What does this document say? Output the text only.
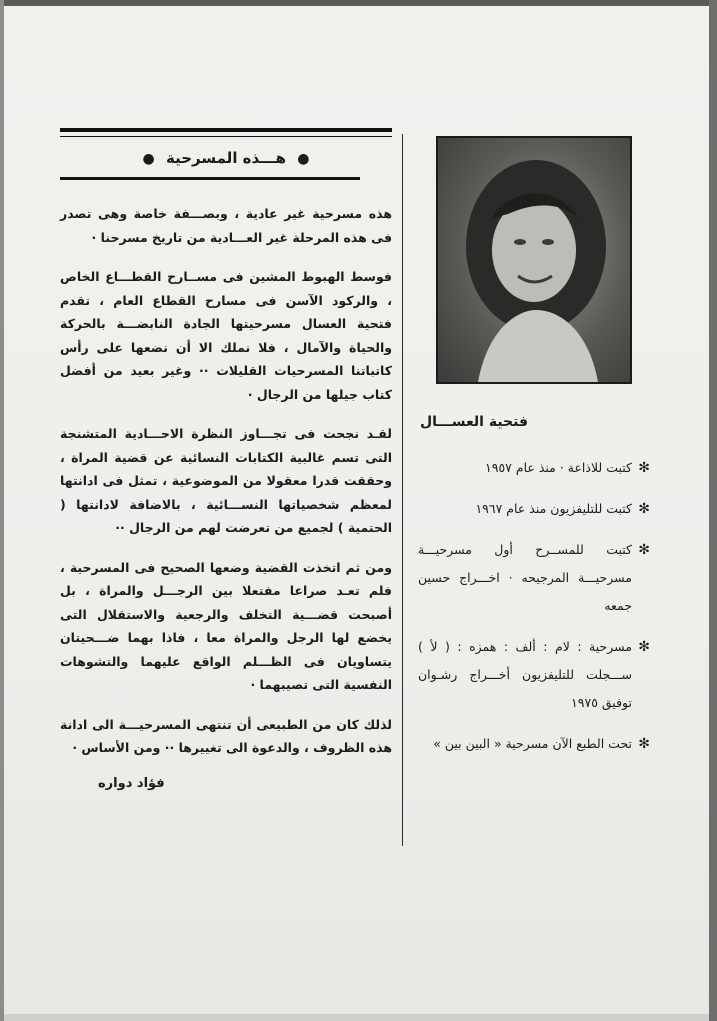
● هـــذه المسرحية ●

هذه مسرحية غير عادية ، وبصـــفة خاصة وهى تصدر فى هذه المرحلة غير العـــادية من تاريخ مسرحنا ·

فوسط الهبوط المشين فى مســارح القطـــاع الخاص ، والركود الآسن فى مسارح القطاع العام ، تقدم فتحية العسال مسرحيتها الجادة النابضـــة بالحركة والحياة والآمال ، فلا نملك الا أن نضعها على رأس كاتباتنا المسرحيات القليلات ·· وغير بعيد من أفضل كتاب جيلها من الرجال ·

لقـد نجحت فى تجـــاوز النظرة الاحـــادية المتشنجة التى تسم غالبية الكتابات النسائية عن قضية المراة ، وحققت قدرا معقولا من الموضوعية ، تمثل فى ادانتها لمعظم شخصياتها النســـائية ، بالاضافة لادانتها ( الحتمية ) لجميع من تعرضت لهم من الرجال ··

ومن ثم اتخذت القضية وضعها الصحيح فى المسرحية ، فلم تعـد صراعا مفتعلا بين الرجـــل والمراة ، بل أصبحت قضـــية التخلف والرجعية والاستقلال التى يخضع لها الرجل والمراة معا ، فاذا بهما ضـــحيتان يتساويان فى الظـــلم الواقع عليهما والتشوهات النفسية التى تصيبهما ·

لذلك كان من الطبيعى أن تنتهى المسرحيـــة الى ادانة هذه الظروف ، والدعوة الى تغييرها ·· ومن الأساس ·

فؤاد دواره
فتحية العســـال
✻
كتبت للاذاعة · منذ عام ١٩٥٧
✻
كتبت للتليفزيون منذ عام ١٩٦٧
✻
كتبت للمســرح أول مسرحيـــة مسرحيـــة المرجيحه · اخـــراج حسين جمعه
✻
مسرحية : لام : ألف : همزه : ( لأ ) ســـجلت للتليفزيون أخـــراج رشـوان توفيق ١٩٧٥
✻
تحت الطبع الآن مسرحية « البين بين »
